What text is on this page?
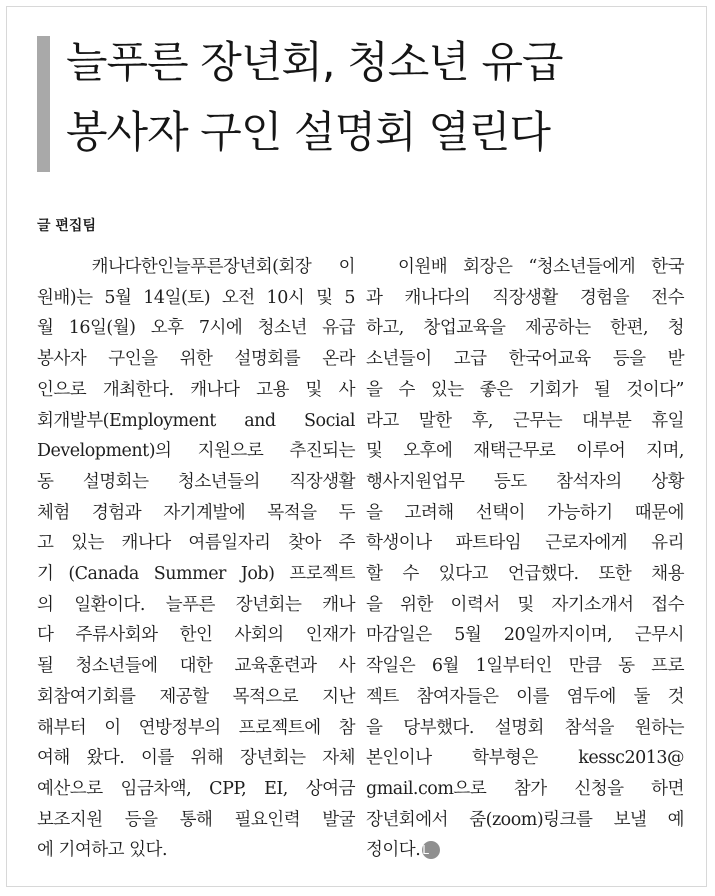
늘푸른 장년회, 청소년 유급
봉사자 구인 설명회 열린다

글 편집팀

캐나다한인늘푸른장년회(회장 이
원배)는 5월 14일(토) 오전 10시 및 5
월 16일(월) 오후 7시에 청소년 유급
봉사자 구인을 위한 설명회를 온라
인으로 개최한다. 캐나다 고용 및 사
회개발부(Employment and Social
Development)의 지원으로 추진되는
동 설명회는 청소년들의 직장생활
체험 경험과 자기계발에 목적을 두
고 있는 캐나다 여름일자리 찾아 주
기 (Canada Summer Job) 프로젝트
의 일환이다. 늘푸른 장년회는 캐나
다 주류사회와 한인 사회의 인재가
될 청소년들에 대한 교육훈련과 사
회참여기회를 제공할 목적으로 지난
해부터 이 연방정부의 프로젝트에 참
여해 왔다. 이를 위해 장년회는 자체
예산으로 임금차액, CPP, EI, 상여금
보조지원 등을 통해 필요인력 발굴
에 기여하고 있다.
이원배 회장은 “청소년들에게 한국
과 캐나다의 직장생활 경험을 전수
하고, 창업교육을 제공하는 한편, 청
소년들이 고급 한국어교육 등을 받
을 수 있는 좋은 기회가 될 것이다”
라고 말한 후, 근무는 대부분 휴일
및 오후에 재택근무로 이루어 지며,
행사지원업무 등도 참석자의 상황
을 고려해 선택이 가능하기 때문에
학생이나 파트타임 근로자에게 유리
할 수 있다고 언급했다. 또한 채용
을 위한 이력서 및 자기소개서 접수
마감일은 5월 20일까지이며, 근무시
작일은 6월 1일부터인 만큼 동 프로
젝트 참여자들은 이를 염두에 둘 것
을 당부했다. 설명회 참석을 원하는
본인이나 학부형은 kessc2013@
gmail.com으로 참가 신청을 하면
장년회에서 줌(zoom)링크를 보낼 예
정이다. L
